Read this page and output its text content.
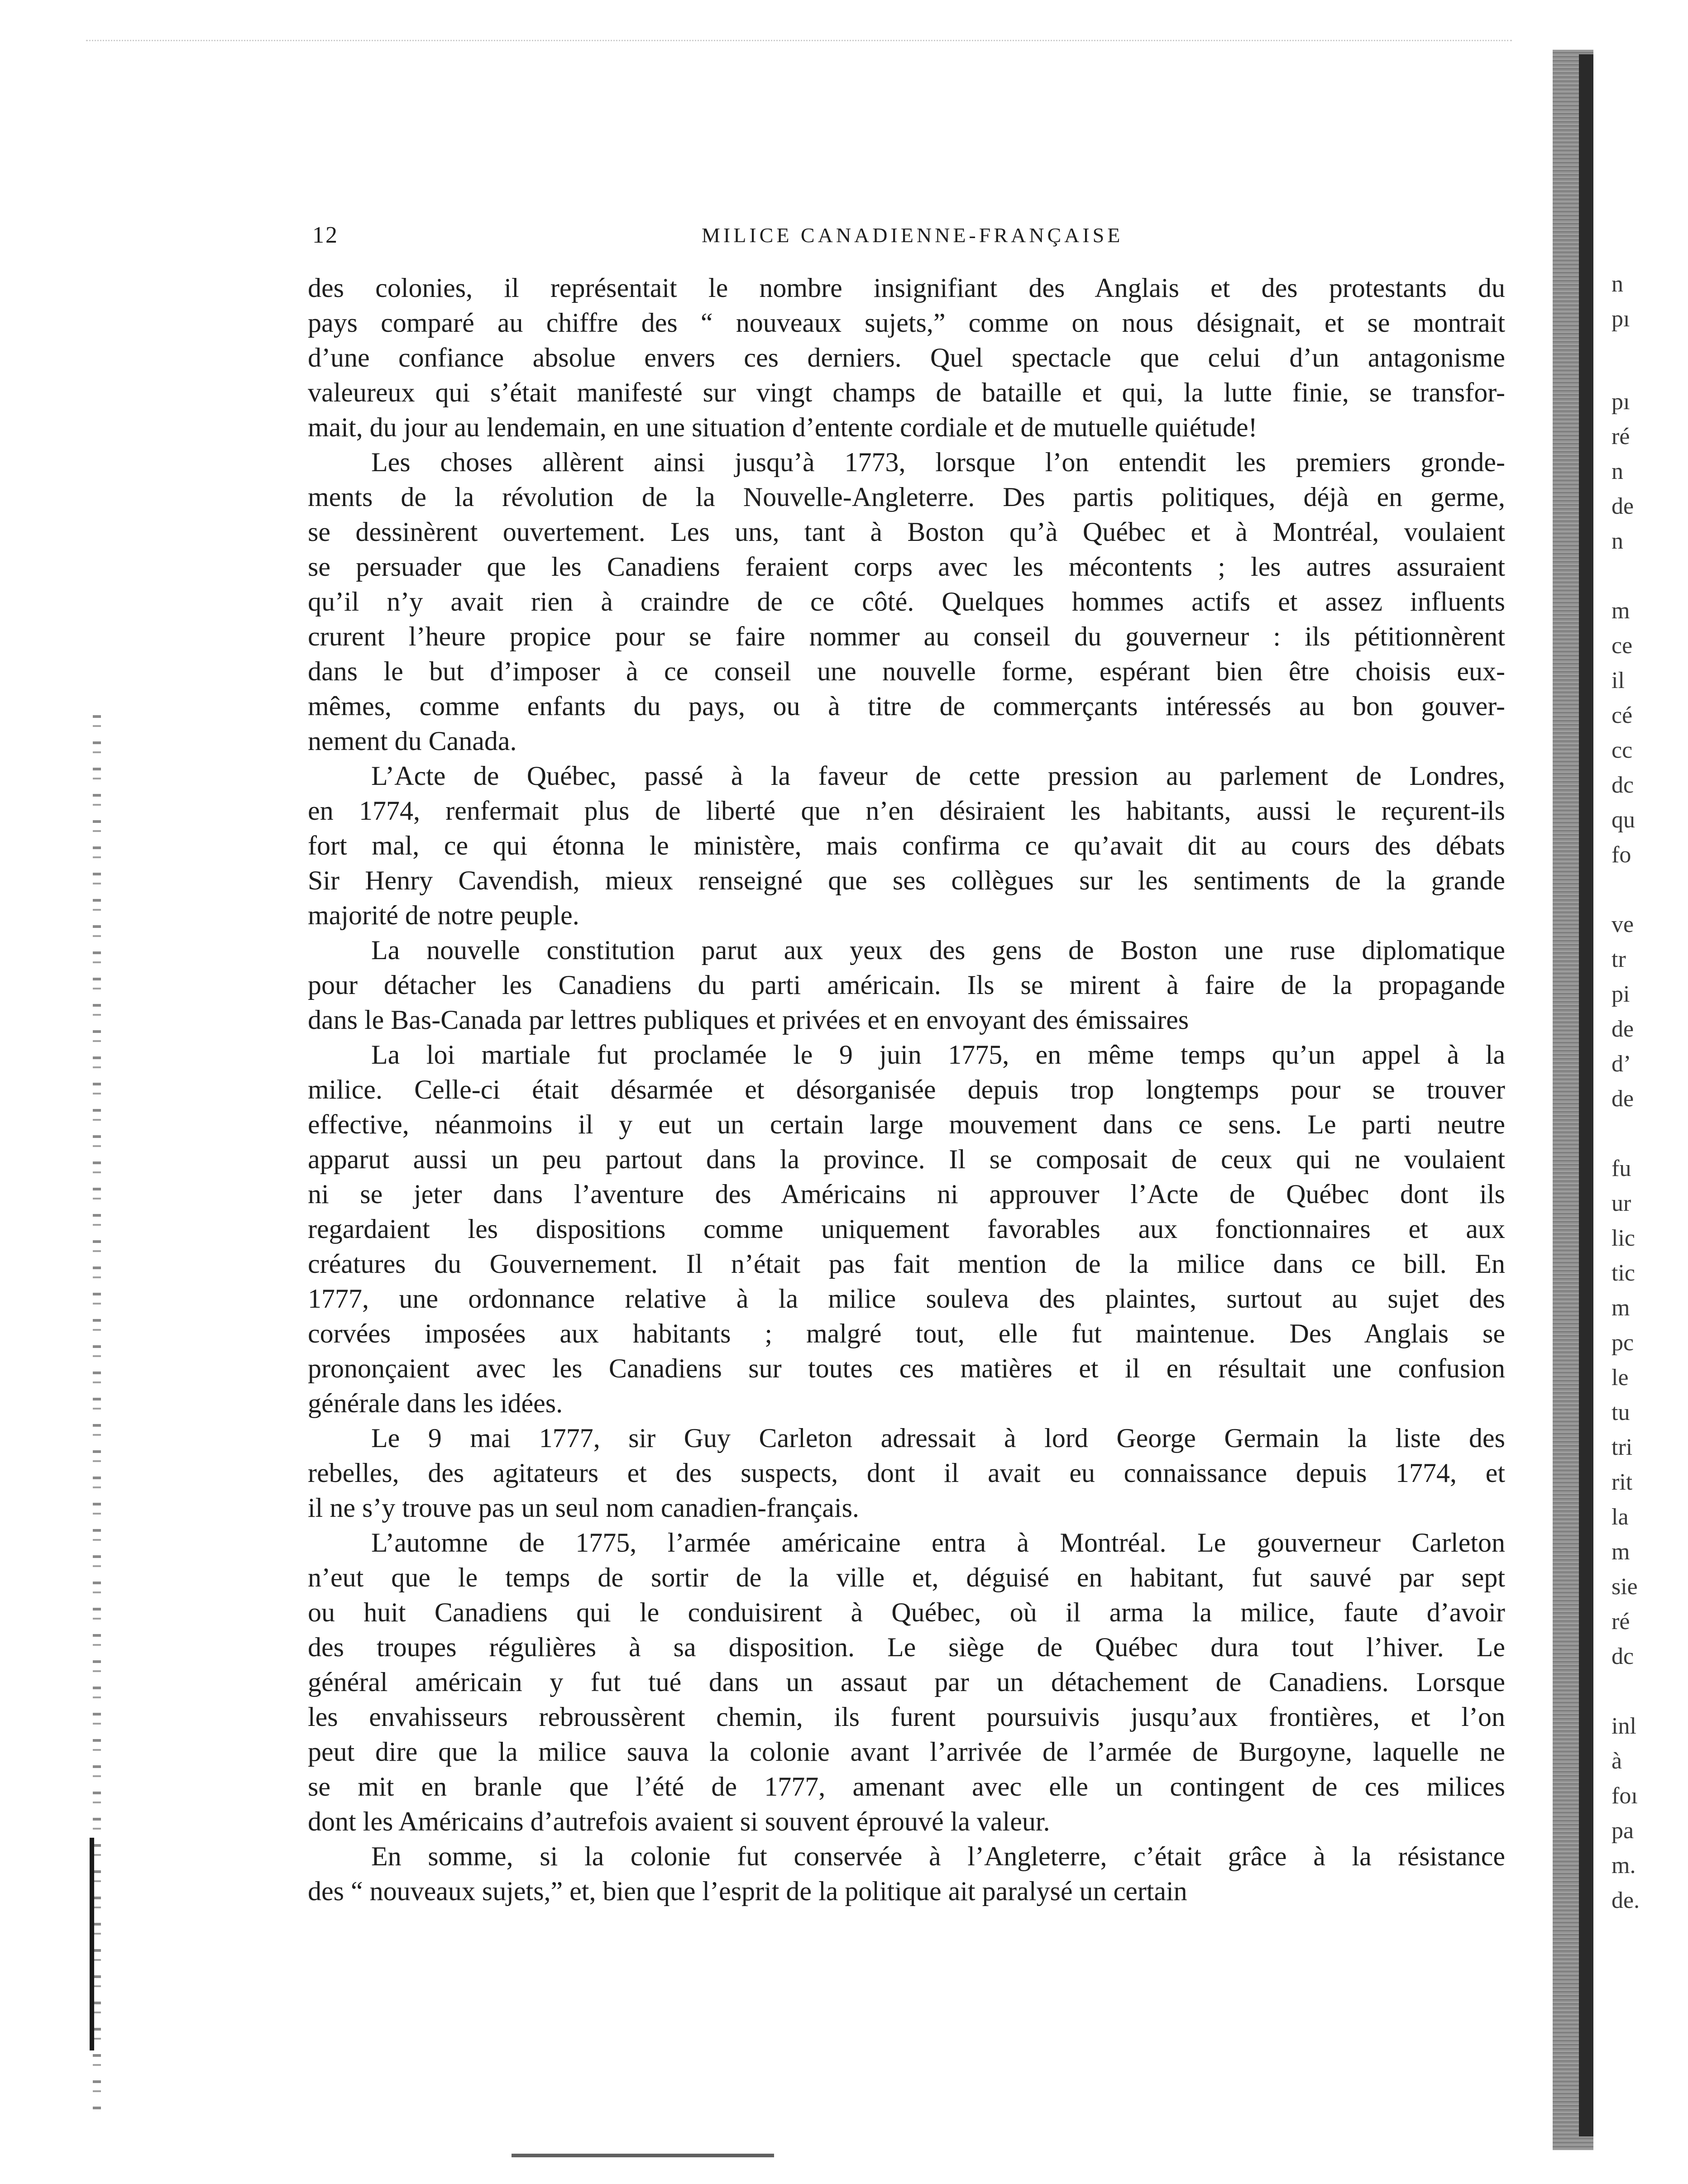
12	MILICE CANADIENNE-FRANÇAISE
des colonies, il représentait le nombre insignifiant des Anglais et des protestants du
pays comparé au chiffre des “ nouveaux sujets,” comme on nous désignait, et se montrait
d’une confiance absolue envers ces derniers. Quel spectacle que celui d’un antagonisme
valeureux qui s’était manifesté sur vingt champs de bataille et qui, la lutte finie, se transfor-
mait, du jour au lendemain, en une situation d’entente cordiale et de mutuelle quiétude!
Les choses allèrent ainsi jusqu’à 1773, lorsque l’on entendit les premiers gronde-
ments de la révolution de la Nouvelle-Angleterre. Des partis politiques, déjà en germe,
se dessinèrent ouvertement. Les uns, tant à Boston qu’à Québec et à Montréal, voulaient
se persuader que les Canadiens feraient corps avec les mécontents ; les autres assuraient
qu’il n’y avait rien à craindre de ce côté. Quelques hommes actifs et assez influents
crurent l’heure propice pour se faire nommer au conseil du gouverneur : ils pétitionnèrent
dans le but d’imposer à ce conseil une nouvelle forme, espérant bien être choisis eux-
mêmes, comme enfants du pays, ou à titre de commerçants intéressés au bon gouver-
nement du Canada.
L’Acte de Québec, passé à la faveur de cette pression au parlement de Londres,
en 1774, renfermait plus de liberté que n’en désiraient les habitants, aussi le reçurent-ils
fort mal, ce qui étonna le ministère, mais confirma ce qu’avait dit au cours des débats
Sir Henry Cavendish, mieux renseigné que ses collègues sur les sentiments de la grande
majorité de notre peuple.
La nouvelle constitution parut aux yeux des gens de Boston une ruse diplomatique
pour détacher les Canadiens du parti américain. Ils se mirent à faire de la propagande
dans le Bas-Canada par lettres publiques et privées et en envoyant des émissaires
La loi martiale fut proclamée le 9 juin 1775, en même temps qu’un appel à la
milice. Celle-ci était désarmée et désorganisée depuis trop longtemps pour se trouver
effective, néanmoins il y eut un certain large mouvement dans ce sens. Le parti neutre
apparut aussi un peu partout dans la province. Il se composait de ceux qui ne voulaient
ni se jeter dans l’aventure des Américains ni approuver l’Acte de Québec dont ils
regardaient les dispositions comme uniquement favorables aux fonctionnaires et aux
créatures du Gouvernement. Il n’était pas fait mention de la milice dans ce bill. En
1777, une ordonnance relative à la milice souleva des plaintes, surtout au sujet des
corvées imposées aux habitants ; malgré tout, elle fut maintenue. Des Anglais se
prononçaient avec les Canadiens sur toutes ces matières et il en résultait une confusion
générale dans les idées.
Le 9 mai 1777, sir Guy Carleton adressait à lord George Germain la liste des
rebelles, des agitateurs et des suspects, dont il avait eu connaissance depuis 1774, et
il ne s’y trouve pas un seul nom canadien-français.
L’automne de 1775, l’armée américaine entra à Montréal. Le gouverneur Carleton
n’eut que le temps de sortir de la ville et, déguisé en habitant, fut sauvé par sept
ou huit Canadiens qui le conduisirent à Québec, où il arma la milice, faute d’avoir
des troupes régulières à sa disposition. Le siège de Québec dura tout l’hiver. Le
général américain y fut tué dans un assaut par un détachement de Canadiens. Lorsque
les envahisseurs rebroussèrent chemin, ils furent poursuivis jusqu’aux frontières, et l’on
peut dire que la milice sauva la colonie avant l’arrivée de l’armée de Burgoyne, laquelle ne
se mit en branle que l’été de 1777, amenant avec elle un contingent de ces milices
dont les Américains d’autrefois avaient si souvent éprouvé la valeur.
En somme, si la colonie fut conservée à l’Angleterre, c’était grâce à la résistance
des “ nouveaux sujets,” et, bien que l’esprit de la politique ait paralysé un certain
n
pı
pı
ré
n
de
n
m
ce
il
cé
cc
dc
qu
fo
ve
tr
pi
de
d’
de
fu
ur
lic
tic
m
pc
le
tu
tri
rit
la
m
sie
ré
dc
inl
à
foı
pa
m.
de.
